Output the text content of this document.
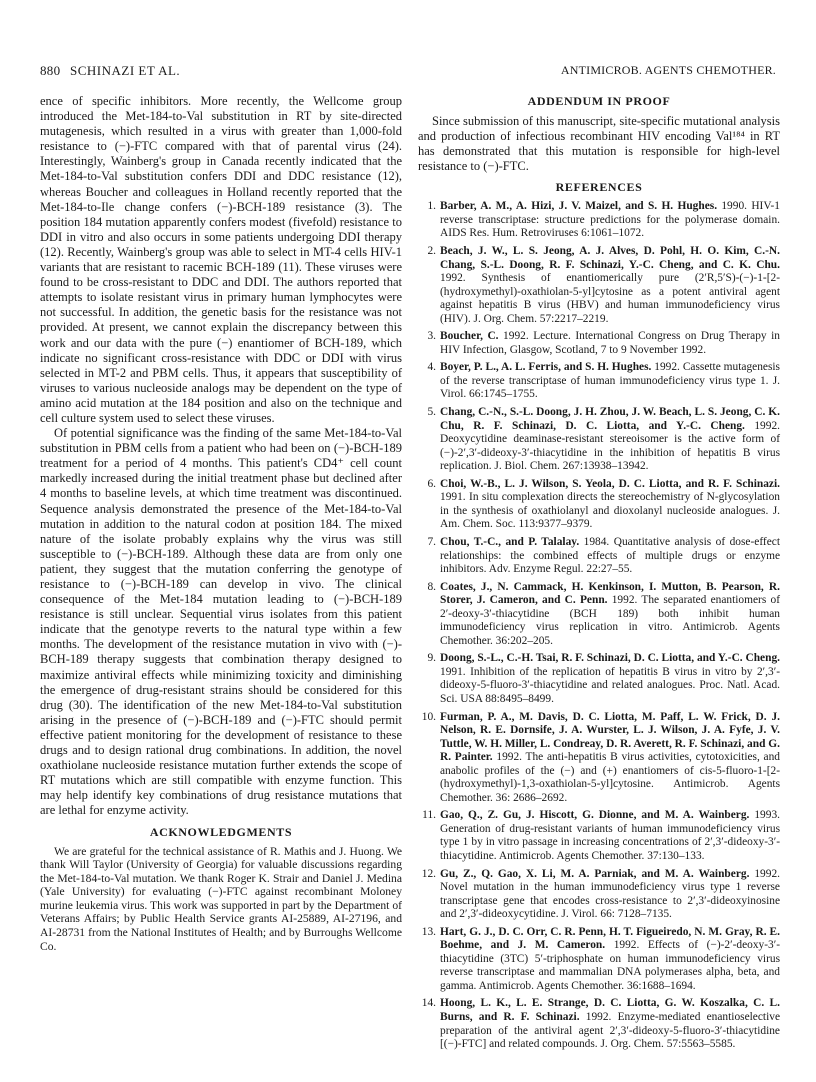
880 SCHINAZI ET AL.	ANTIMICROB. AGENTS CHEMOTHER.

ence of specific inhibitors. More recently, the Wellcome group introduced the Met-184-to-Val substitution in RT by site-directed mutagenesis, which resulted in a virus with greater than 1,000-fold resistance to (−)-FTC compared with that of parental virus (24). Interestingly, Wainberg's group in Canada recently indicated that the Met-184-to-Val substitution confers DDI and DDC resistance (12), whereas Boucher and colleagues in Holland recently reported that the Met-184-to-Ile change confers (−)-BCH-189 resistance (3). The position 184 mutation apparently confers modest (fivefold) resistance to DDI in vitro and also occurs in some patients undergoing DDI therapy (12). Recently, Wainberg's group was able to select in MT-4 cells HIV-1 variants that are resistant to racemic BCH-189 (11). These viruses were found to be cross-resistant to DDC and DDI. The authors reported that attempts to isolate resistant virus in primary human lymphocytes were not successful. In addition, the genetic basis for the resistance was not provided. At present, we cannot explain the discrepancy between this work and our data with the pure (−) enantiomer of BCH-189, which indicate no significant cross-resistance with DDC or DDI with virus selected in MT-2 and PBM cells. Thus, it appears that susceptibility of viruses to various nucleoside analogs may be dependent on the type of amino acid mutation at the 184 position and also on the technique and cell culture system used to select these viruses.

Of potential significance was the finding of the same Met-184-to-Val substitution in PBM cells from a patient who had been on (−)-BCH-189 treatment for a period of 4 months. This patient's CD4⁺ cell count markedly increased during the initial treatment phase but declined after 4 months to baseline levels, at which time treatment was discontinued. Sequence analysis demonstrated the presence of the Met-184-to-Val mutation in addition to the natural codon at position 184. The mixed nature of the isolate probably explains why the virus was still susceptible to (−)-BCH-189. Although these data are from only one patient, they suggest that the mutation conferring the genotype of resistance to (−)-BCH-189 can develop in vivo. The clinical consequence of the Met-184 mutation leading to (−)-BCH-189 resistance is still unclear. Sequential virus isolates from this patient indicate that the genotype reverts to the natural type within a few months. The development of the resistance mutation in vivo with (−)-BCH-189 therapy suggests that combination therapy designed to maximize antiviral effects while minimizing toxicity and diminishing the emergence of drug-resistant strains should be considered for this drug (30). The identification of the new Met-184-to-Val substitution arising in the presence of (−)-BCH-189 and (−)-FTC should permit effective patient monitoring for the development of resistance to these drugs and to design rational drug combinations. In addition, the novel oxathiolane nucleoside resistance mutation further extends the scope of RT mutations which are still compatible with enzyme function. This may help identify key combinations of drug resistance mutations that are lethal for enzyme activity.

ACKNOWLEDGMENTS

We are grateful for the technical assistance of R. Mathis and J. Huong. We thank Will Taylor (University of Georgia) for valuable discussions regarding the Met-184-to-Val mutation. We thank Roger K. Strair and Daniel J. Medina (Yale University) for evaluating (−)-FTC against recombinant Moloney murine leukemia virus. This work was supported in part by the Department of Veterans Affairs; by Public Health Service grants AI-25889, AI-27196, and AI-28731 from the National Institutes of Health; and by Burroughs Wellcome Co.

ADDENDUM IN PROOF

Since submission of this manuscript, site-specific mutational analysis and production of infectious recombinant HIV encoding Val¹⁸⁴ in RT has demonstrated that this mutation is responsible for high-level resistance to (−)-FTC.

REFERENCES
1. Barber, A. M., A. Hizi, J. V. Maizel, and S. H. Hughes. 1990. HIV-1 reverse transcriptase: structure predictions for the polymerase domain. AIDS Res. Hum. Retroviruses 6:1061–1072.
2. Beach, J. W., L. S. Jeong, A. J. Alves, D. Pohl, H. O. Kim, C.-N. Chang, S.-L. Doong, R. F. Schinazi, Y.-C. Cheng, and C. K. Chu. 1992. Synthesis of enantiomerically pure (2′R,5′S)-(−)-1-[2-(hydroxymethyl)-oxathiolan-5-yl]cytosine as a potent antiviral agent against hepatitis B virus (HBV) and human immunodeficiency virus (HIV). J. Org. Chem. 57:2217–2219.
3. Boucher, C. 1992. Lecture. International Congress on Drug Therapy in HIV Infection, Glasgow, Scotland, 7 to 9 November 1992.
4. Boyer, P. L., A. L. Ferris, and S. H. Hughes. 1992. Cassette mutagenesis of the reverse transcriptase of human immunodeficiency virus type 1. J. Virol. 66:1745–1755.
5. Chang, C.-N., S.-L. Doong, J. H. Zhou, J. W. Beach, L. S. Jeong, C. K. Chu, R. F. Schinazi, D. C. Liotta, and Y.-C. Cheng. 1992. Deoxycytidine deaminase-resistant stereoisomer is the active form of (−)-2′,3′-dideoxy-3′-thiacytidine in the inhibition of hepatitis B virus replication. J. Biol. Chem. 267:13938–13942.
6. Choi, W.-B., L. J. Wilson, S. Yeola, D. C. Liotta, and R. F. Schinazi. 1991. In situ complexation directs the stereochemistry of N-glycosylation in the synthesis of oxathiolanyl and dioxolanyl nucleoside analogues. J. Am. Chem. Soc. 113:9377–9379.
7. Chou, T.-C., and P. Talalay. 1984. Quantitative analysis of dose-effect relationships: the combined effects of multiple drugs or enzyme inhibitors. Adv. Enzyme Regul. 22:27–55.
8. Coates, J., N. Cammack, H. Kenkinson, I. Mutton, B. Pearson, R. Storer, J. Cameron, and C. Penn. 1992. The separated enantiomers of 2′-deoxy-3′-thiacytidine (BCH 189) both inhibit human immunodeficiency virus replication in vitro. Antimicrob. Agents Chemother. 36:202–205.
9. Doong, S.-L., C.-H. Tsai, R. F. Schinazi, D. C. Liotta, and Y.-C. Cheng. 1991. Inhibition of the replication of hepatitis B virus in vitro by 2′,3′-dideoxy-5-fluoro-3′-thiacytidine and related analogues. Proc. Natl. Acad. Sci. USA 88:8495–8499.
10. Furman, P. A., M. Davis, D. C. Liotta, M. Paff, L. W. Frick, D. J. Nelson, R. E. Dornsife, J. A. Wurster, L. J. Wilson, J. A. Fyfe, J. V. Tuttle, W. H. Miller, L. Condreay, D. R. Averett, R. F. Schinazi, and G. R. Painter. 1992. The anti-hepatitis B virus activities, cytotoxicities, and anabolic profiles of the (−) and (+) enantiomers of cis-5-fluoro-1-[2-(hydroxymethyl)-1,3-oxathiolan-5-yl]cytosine. Antimicrob. Agents Chemother. 36: 2686–2692.
11. Gao, Q., Z. Gu, J. Hiscott, G. Dionne, and M. A. Wainberg. 1993. Generation of drug-resistant variants of human immunodeficiency virus type 1 by in vitro passage in increasing concentrations of 2′,3′-dideoxy-3′-thiacytidine. Antimicrob. Agents Chemother. 37:130–133.
12. Gu, Z., Q. Gao, X. Li, M. A. Parniak, and M. A. Wainberg. 1992. Novel mutation in the human immunodeficiency virus type 1 reverse transcriptase gene that encodes cross-resistance to 2′,3′-dideoxyinosine and 2′,3′-dideoxycytidine. J. Virol. 66: 7128–7135.
13. Hart, G. J., D. C. Orr, C. R. Penn, H. T. Figueiredo, N. M. Gray, R. E. Boehme, and J. M. Cameron. 1992. Effects of (−)-2′-deoxy-3′-thiacytidine (3TC) 5′-triphosphate on human immunodeficiency virus reverse transcriptase and mammalian DNA polymerases alpha, beta, and gamma. Antimicrob. Agents Chemother. 36:1688–1694.
14. Hoong, L. K., L. E. Strange, D. C. Liotta, G. W. Koszalka, C. L. Burns, and R. F. Schinazi. 1992. Enzyme-mediated enantioselective preparation of the antiviral agent 2′,3′-dideoxy-5-fluoro-3′-thiacytidine [(−)-FTC] and related compounds. J. Org. Chem. 57:5563–5585.
